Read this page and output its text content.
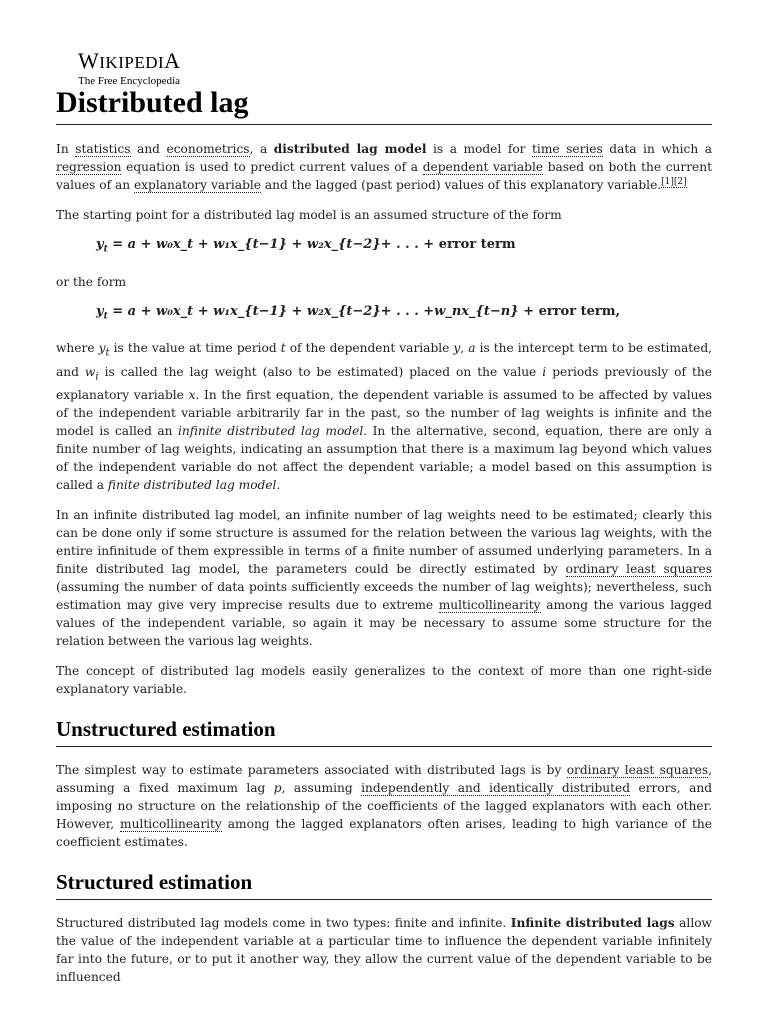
WIKIPEDIA
The Free Encyclopedia
Distributed lag

In statistics and econometrics, a distributed lag model is a model for time series data in which a regression equation is used to predict current values of a dependent variable based on both the current values of an explanatory variable and the lagged (past period) values of this explanatory variable.[1][2]

The starting point for a distributed lag model is an assumed structure of the form

$y_t = a$ + w₀x_t + w₁x_{t−1} + w₂x_{t−2}+ . . . + error term

or the form

$y_t = a$ + w₀x_t + w₁x_{t−1} + w₂x_{t−2}+ . . . +w_nx_{t−n} + error term,

where $y_t$ is the value at time period t of the dependent variable y, a is the intercept term to be estimated, and $w_i$ is called the lag weight (also to be estimated) placed on the value i periods previously of the explanatory variable x. In the first equation, the dependent variable is assumed to be affected by values of the independent variable arbitrarily far in the past, so the number of lag weights is infinite and the model is called an infinite distributed lag model. In the alternative, second, equation, there are only a finite number of lag weights, indicating an assumption that there is a maximum lag beyond which values of the independent variable do not affect the dependent variable; a model based on this assumption is called a finite distributed lag model.

In an infinite distributed lag model, an infinite number of lag weights need to be estimated; clearly this can be done only if some structure is assumed for the relation between the various lag weights, with the entire infinitude of them expressible in terms of a finite number of assumed underlying parameters. In a finite distributed lag model, the parameters could be directly estimated by ordinary least squares (assuming the number of data points sufficiently exceeds the number of lag weights); nevertheless, such estimation may give very imprecise results due to extreme multicollinearity among the various lagged values of the independent variable, so again it may be necessary to assume some structure for the relation between the various lag weights.

The concept of distributed lag models easily generalizes to the context of more than one right-side explanatory variable.

Unstructured estimation

The simplest way to estimate parameters associated with distributed lags is by ordinary least squares, assuming a fixed maximum lag p, assuming independently and identically distributed errors, and imposing no structure on the relationship of the coefficients of the lagged explanators with each other. However, multicollinearity among the lagged explanators often arises, leading to high variance of the coefficient estimates.

Structured estimation

Structured distributed lag models come in two types: finite and infinite. Infinite distributed lags allow the value of the independent variable at a particular time to influence the dependent variable infinitely far into the future, or to put it another way, they allow the current value of the dependent variable to be influenced
